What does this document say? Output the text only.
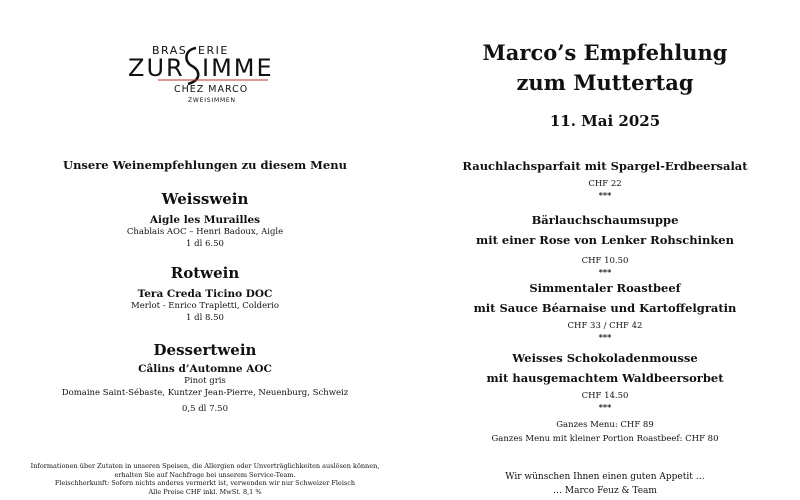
BRAS ERIE
ZUR IMME
CHEZ MARCO
ZWEISIMMEN
Unsere Weinempfehlungen zu diesem Menu
Weisswein
Aigle les Murailles
Chablais AOC – Henri Badoux, Aigle
1 dl 6.50
Rotwein
Tera Creda Ticino DOC
Merlot - Enrico Trapletti, Colderio
1 dl 8.50
Dessertwein
Câlins d’Automne AOC
Pinot gris
Domaine Saint-Sébaste, Kuntzer Jean-Pierre, Neuenburg, Schweiz
0,5 dl 7.50
Informationen über Zutaten in unseren Speisen, die Allergien oder Unverträglichkeiten auslösen können,
erhalten Sie auf Nachfrage bei unserem Service-Team.
Fleischherkunft: Sofern nichts anderes vermerkt ist, verwenden wir nur Schweizer Fleisch
Alle Preise CHF inkl. MwSt. 8,1 %
Marco’s Empfehlung
zum Muttertag
11. Mai 2025
Rauchlachsparfait mit Spargel-Erdbeersalat
CHF 22
***
Bärlauchschaumsuppe
mit einer Rose von Lenker Rohschinken
CHF 10.50
***
Simmentaler Roastbeef
mit Sauce Béarnaise und Kartoffelgratin
CHF 33 / CHF 42
***
Weisses Schokoladenmousse
mit hausgemachtem Waldbeersorbet
CHF 14.50
***
Ganzes Menu: CHF 89
Ganzes Menu mit kleiner Portion Roastbeef: CHF 80
Wir wünschen Ihnen einen guten Appetit …
… Marco Feuz & Team
